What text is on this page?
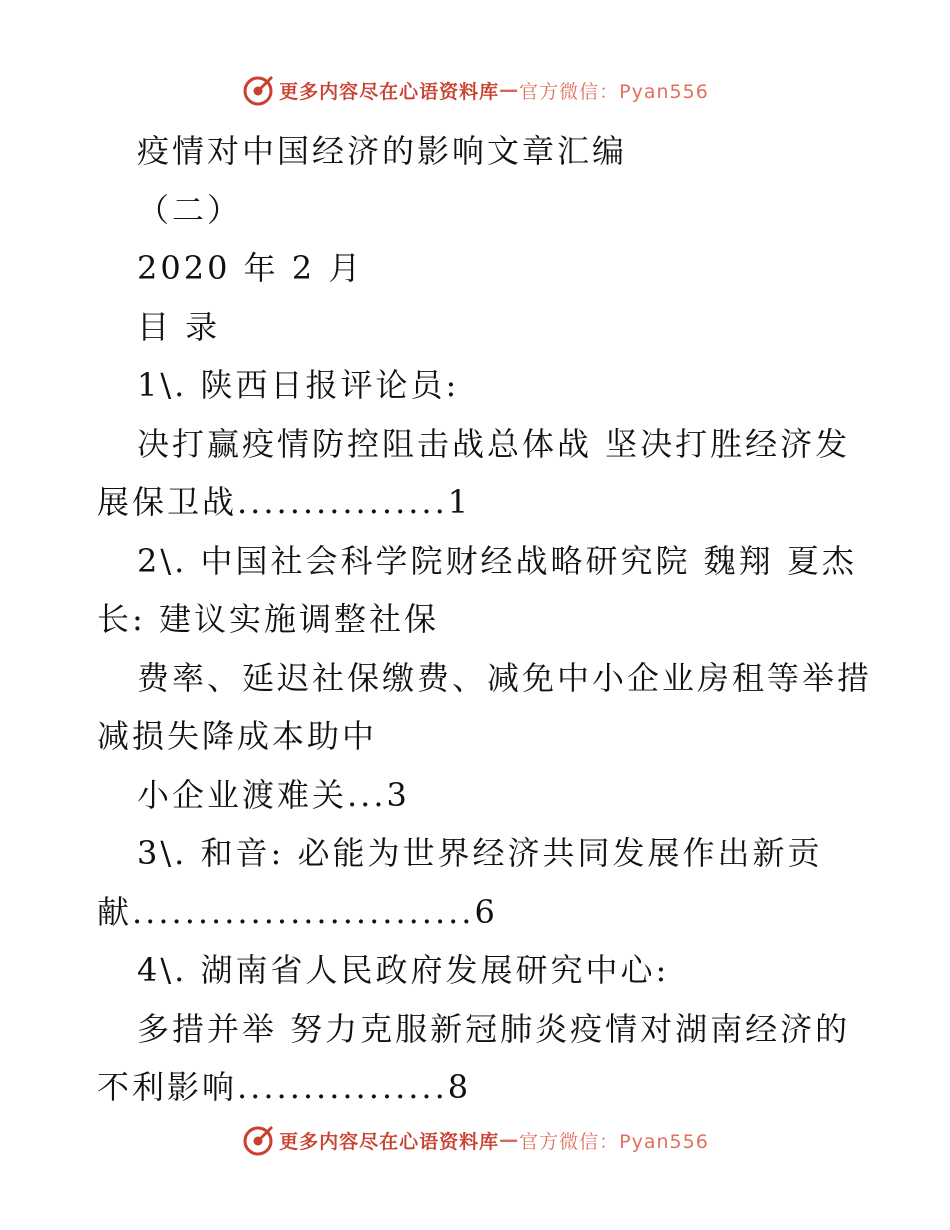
更多内容尽在心语资料库 — 官方微信：Pyan556

疫情对中国经济的影响文章汇编

（二）

2020 年 2 月

目 录

1\. 陕西日报评论员:

决打赢疫情防控阻击战总体战 坚决打胜经济发

展保卫战................1

2\. 中国社会科学院财经战略研究院 魏翔 夏杰

长: 建议实施调整社保

费率、延迟社保缴费、减免中小企业房租等举措

减损失降成本助中

小企业渡难关...3

3\. 和音: 必能为世界经济共同发展作出新贡

献..........................6

4\. 湖南省人民政府发展研究中心:

多措并举 努力克服新冠肺炎疫情对湖南经济的

不利影响................8

更多内容尽在心语资料库 — 官方微信：Pyan556
